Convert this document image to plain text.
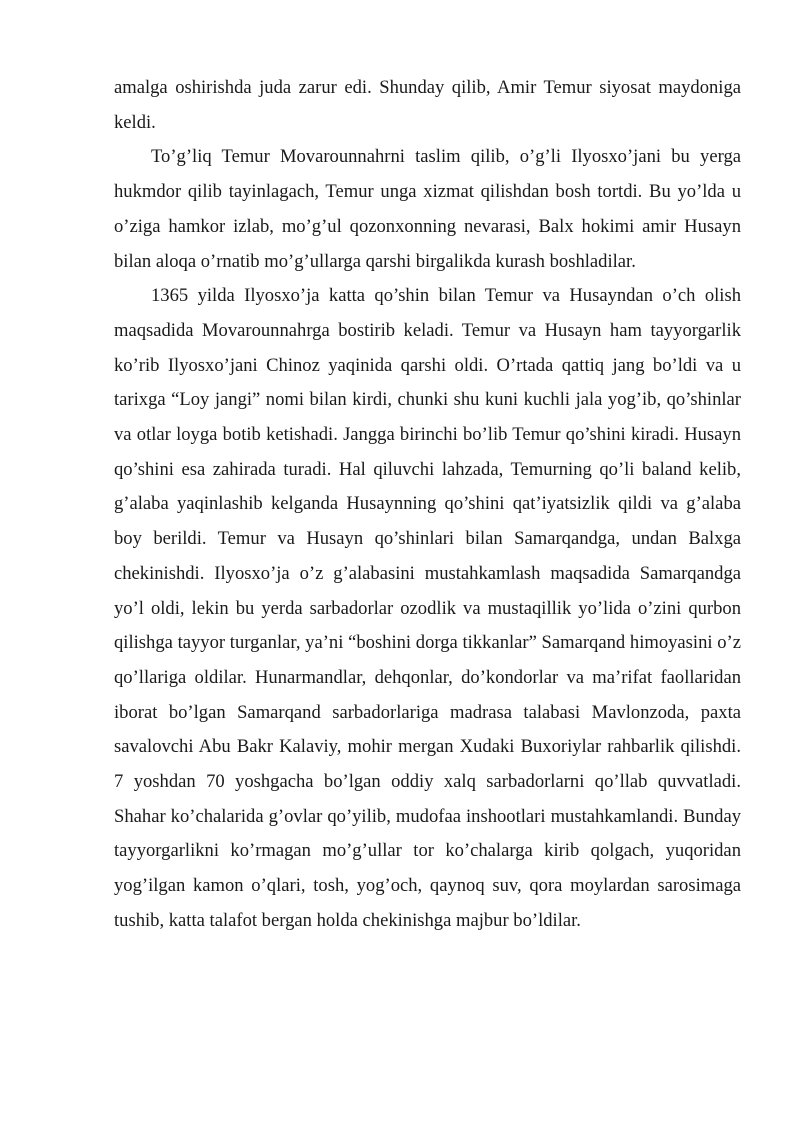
amalga oshirishda juda zarur edi. Shunday qilib, Amir Temur siyosat maydoniga keldi.

To’g’liq Temur Movarounnahrni taslim qilib, o’g’li Ilyosxo’jani bu yerga hukmdor qilib tayinlagach, Temur unga xizmat qilishdan bosh tortdi. Bu yo’lda u o’ziga hamkor izlab, mo’g’ul qozonxonning nevarasi, Balx hokimi amir Husayn bilan aloqa o’rnatib mo’g’ullarga qarshi birgalikda kurash boshladilar.

1365 yilda Ilyosxo’ja katta qo’shin bilan Temur va Husayndan o’ch olish maqsadida Movarounnahrga bostirib keladi. Temur va Husayn ham tayyorgarlik ko’rib Ilyosxo’jani Chinoz yaqinida qarshi oldi. O’rtada qattiq jang bo’ldi va u tarixga “Loy jangi” nomi bilan kirdi, chunki shu kuni kuchli jala yog’ib, qo’shinlar va otlar loyga botib ketishadi. Jangga birinchi bo’lib Temur qo’shini kiradi. Husayn qo’shini esa zahirada turadi. Hal qiluvchi lahzada, Temurning qo’li baland kelib, g’alaba yaqinlashib kelganda Husaynning qo’shini qat’iyatsizlik qildi va g’alaba boy berildi. Temur va Husayn qo’shinlari bilan Samarqandga, undan Balxga chekinishdi. Ilyosxo’ja o’z g’alabasini mustahkamlash maqsadida Samarqandga yo’l oldi, lekin bu yerda sarbadorlar ozodlik va mustaqillik yo’lida o’zini qurbon qilishga tayyor turganlar, ya’ni “boshini dorga tikkanlar” Samarqand himoyasini o’z qo’llariga oldilar. Hunarmandlar, dehqonlar, do’kondorlar va ma’rifat faollaridan iborat bo’lgan Samarqand sarbadorlariga madrasa talabasi Mavlonzoda, paxta savalovchi Abu Bakr Kalaviy, mohir mergan Xudaki Buxoriylar rahbarlik qilishdi. 7 yoshdan 70 yoshgacha bo’lgan oddiy xalq sarbadorlarni qo’llab quvvatladi. Shahar ko’chalarida g’ovlar qo’yilib, mudofaa inshootlari mustahkamlandi. Bunday tayyorgarlikni ko’rmagan mo’g’ullar tor ko’chalarga kirib qolgach, yuqoridan yog’ilgan kamon o’qlari, tosh, yog’och, qaynoq suv, qora moylardan sarosimaga tushib, katta talafot bergan holda chekinishga majbur bo’ldilar.
